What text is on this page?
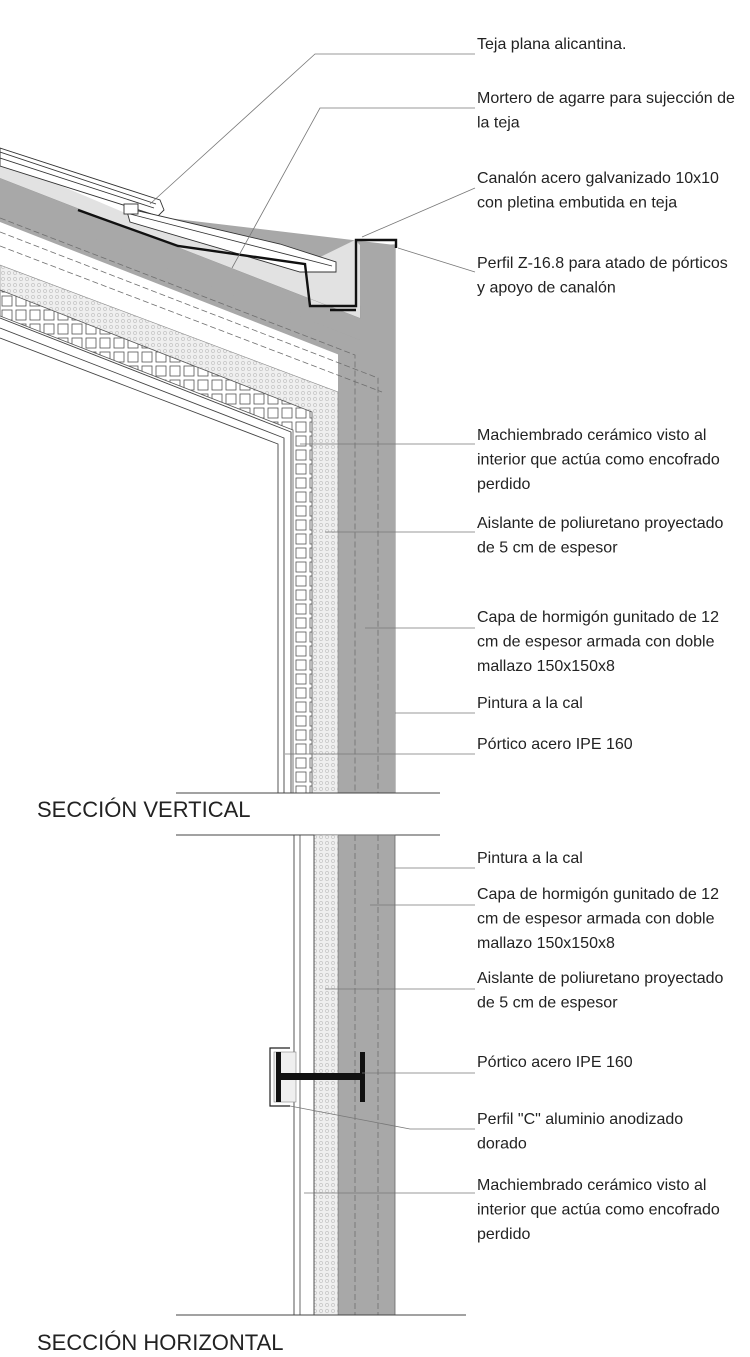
Teja plana alicantina.
Mortero de agarre para sujección de
la teja
Canalón acero galvanizado 10x10
con pletina embutida en teja
Perfil Z-16.8 para atado de pórticos
y apoyo de canalón
Machiembrado cerámico visto al
interior que actúa como encofrado
perdido
Aislante de poliuretano proyectado
de 5 cm de espesor
Capa de hormigón gunitado de 12
cm de espesor armada con doble
mallazo 150x150x8
Pintura a la cal
Pórtico acero IPE 160
Pintura a la cal
Capa de hormigón gunitado de 12
cm de espesor armada con doble
mallazo 150x150x8
Aislante de poliuretano proyectado
de 5 cm de espesor
Pórtico acero IPE 160
Perfil "C" aluminio anodizado
dorado
Machiembrado cerámico visto al
interior que actúa como encofrado
perdido
SECCIÓN VERTICAL
SECCIÓN HORIZONTAL
